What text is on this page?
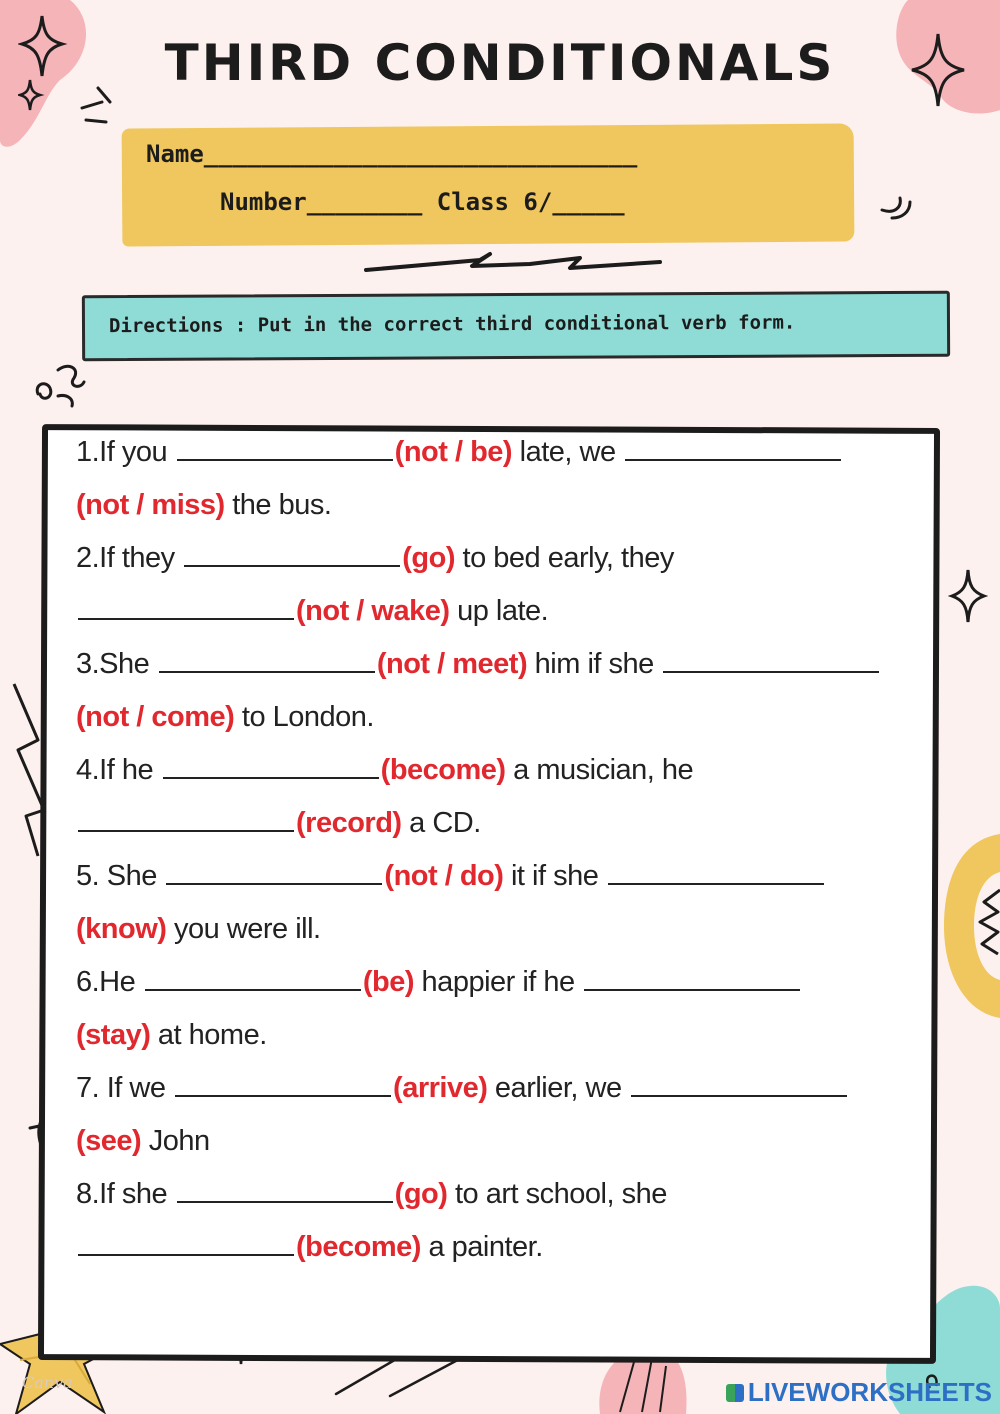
THIRD CONDITIONALS
Name______________________________
Number________ Class 6/_____
Directions : Put in the correct third conditional verb form.
1.If you	(not / be) late, we
(not / miss) the bus.
2.If they	(go) to bed early, they
(not / wake) up late.
3.She	(not / meet) him if she
(not / come) to London.
4.If he	(become) a musician, he
(record) a CD.
5. She	(not / do) it if she
(know) you were ill.
6.He	(be) happier if he
(stay) at home.
7. If we	(arrive) earlier, we
(see) John
8.If she	(go) to art school, she
(become) a painter.
Canva	LIVEWORKSHEETS
